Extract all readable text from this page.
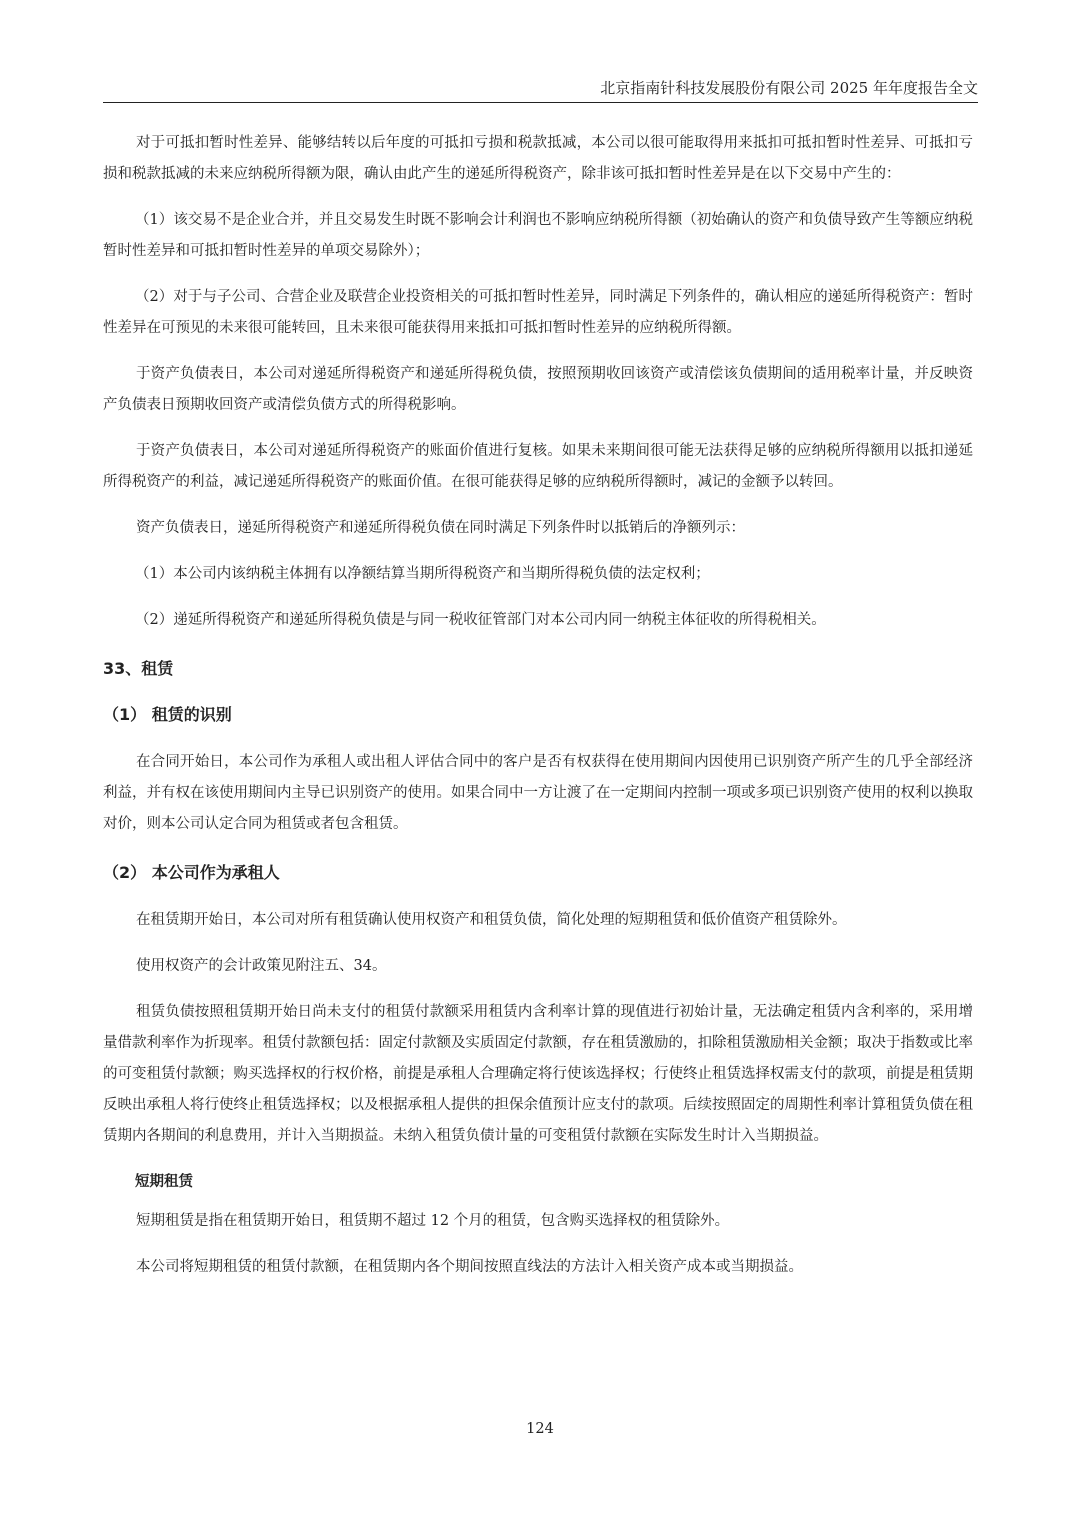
北京指南针科技发展股份有限公司 2025 年年度报告全文

对于可抵扣暂时性差异、能够结转以后年度的可抵扣亏损和税款抵减，本公司以很可能取得用来抵扣可抵扣暂时性差异、可抵扣亏损和税款抵减的未来应纳税所得额为限，确认由此产生的递延所得税资产，除非该可抵扣暂时性差异是在以下交易中产生的：

（1）该交易不是企业合并，并且交易发生时既不影响会计利润也不影响应纳税所得额（初始确认的资产和负债导致产生等额应纳税暂时性差异和可抵扣暂时性差异的单项交易除外）；

（2）对于与子公司、合营企业及联营企业投资相关的可抵扣暂时性差异，同时满足下列条件的，确认相应的递延所得税资产：暂时性差异在可预见的未来很可能转回，且未来很可能获得用来抵扣可抵扣暂时性差异的应纳税所得额。

于资产负债表日，本公司对递延所得税资产和递延所得税负债，按照预期收回该资产或清偿该负债期间的适用税率计量，并反映资产负债表日预期收回资产或清偿负债方式的所得税影响。

于资产负债表日，本公司对递延所得税资产的账面价值进行复核。如果未来期间很可能无法获得足够的应纳税所得额用以抵扣递延所得税资产的利益，减记递延所得税资产的账面价值。在很可能获得足够的应纳税所得额时，减记的金额予以转回。

资产负债表日，递延所得税资产和递延所得税负债在同时满足下列条件时以抵销后的净额列示：

（1）本公司内该纳税主体拥有以净额结算当期所得税资产和当期所得税负债的法定权利；

（2）递延所得税资产和递延所得税负债是与同一税收征管部门对本公司内同一纳税主体征收的所得税相关。

33、租赁
（1） 租赁的识别

在合同开始日，本公司作为承租人或出租人评估合同中的客户是否有权获得在使用期间内因使用已识别资产所产生的几乎全部经济利益，并有权在该使用期间内主导已识别资产的使用。如果合同中一方让渡了在一定期间内控制一项或多项已识别资产使用的权利以换取对价，则本公司认定合同为租赁或者包含租赁。

（2） 本公司作为承租人

在租赁期开始日，本公司对所有租赁确认使用权资产和租赁负债，简化处理的短期租赁和低价值资产租赁除外。

使用权资产的会计政策见附注五、34。

租赁负债按照租赁期开始日尚未支付的租赁付款额采用租赁内含利率计算的现值进行初始计量，无法确定租赁内含利率的，采用增量借款利率作为折现率。租赁付款额包括：固定付款额及实质固定付款额，存在租赁激励的，扣除租赁激励相关金额；取决于指数或比率的可变租赁付款额；购买选择权的行权价格，前提是承租人合理确定将行使该选择权；行使终止租赁选择权需支付的款项，前提是租赁期反映出承租人将行使终止租赁选择权；以及根据承租人提供的担保余值预计应支付的款项。后续按照固定的周期性利率计算租赁负债在租赁期内各期间的利息费用，并计入当期损益。未纳入租赁负债计量的可变租赁付款额在实际发生时计入当期损益。

短期租赁

短期租赁是指在租赁期开始日，租赁期不超过 12 个月的租赁，包含购买选择权的租赁除外。

本公司将短期租赁的租赁付款额，在租赁期内各个期间按照直线法的方法计入相关资产成本或当期损益。

124
